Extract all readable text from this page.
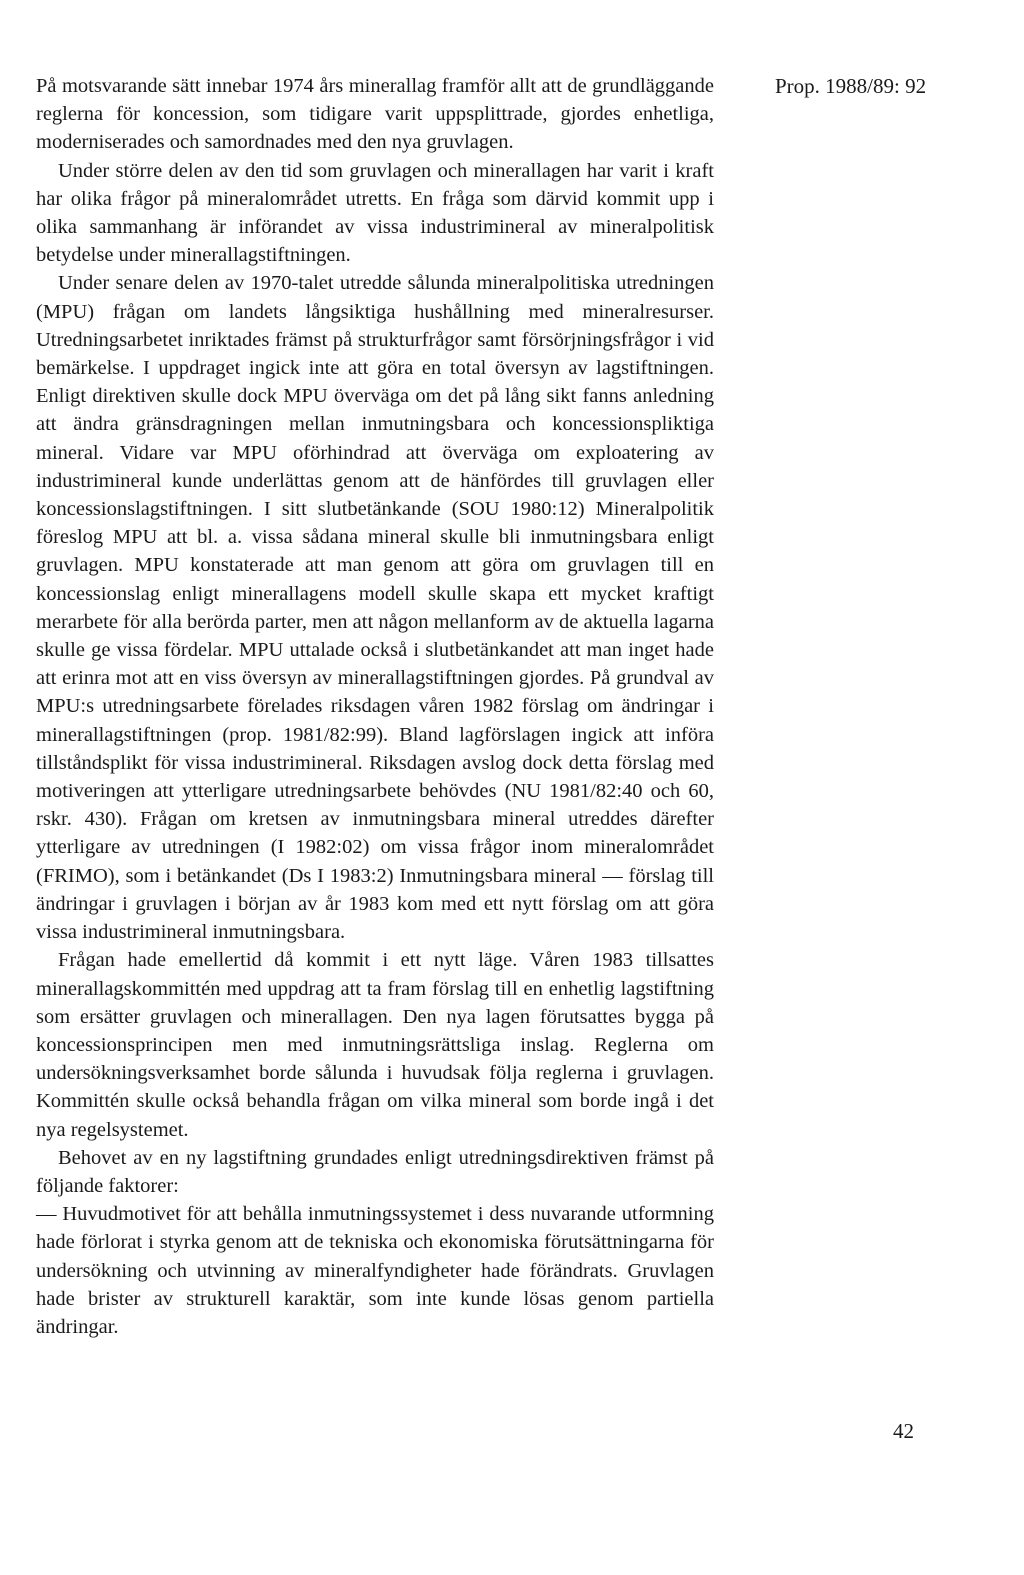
Prop. 1988/89: 92

På motsvarande sätt innebar 1974 års minerallag framför allt att de grundläggande reglerna för koncession, som tidigare varit uppsplittrade, gjordes enhetliga, moderniserades och samordnades med den nya gruvlagen.

Under större delen av den tid som gruvlagen och minerallagen har varit i kraft har olika frågor på mineralområdet utretts. En fråga som därvid kommit upp i olika sammanhang är införandet av vissa industrimineral av mineralpolitisk betydelse under minerallagstiftningen.

Under senare delen av 1970-talet utredde sålunda mineralpolitiska utredningen (MPU) frågan om landets långsiktiga hushållning med mineralresurser. Utredningsarbetet inriktades främst på strukturfrågor samt försörjningsfrågor i vid bemärkelse. I uppdraget ingick inte att göra en total översyn av lagstiftningen. Enligt direktiven skulle dock MPU överväga om det på lång sikt fanns anledning att ändra gränsdragningen mellan inmutningsbara och koncessionspliktiga mineral. Vidare var MPU oförhindrad att överväga om exploatering av industrimineral kunde underlättas genom att de hänfördes till gruvlagen eller koncessionslagstiftningen. I sitt slutbetänkande (SOU 1980:12) Mineralpolitik föreslog MPU att bl. a. vissa sådana mineral skulle bli inmutningsbara enligt gruvlagen. MPU konstaterade att man genom att göra om gruvlagen till en koncessionslag enligt minerallagens modell skulle skapa ett mycket kraftigt merarbete för alla berörda parter, men att någon mellanform av de aktuella lagarna skulle ge vissa fördelar. MPU uttalade också i slutbetänkandet att man inget hade att erinra mot att en viss översyn av minerallagstiftningen gjordes. På grundval av MPU:s utredningsarbete förelades riksdagen våren 1982 förslag om ändringar i minerallagstiftningen (prop. 1981/82:99). Bland lagförslagen ingick att införa tillståndsplikt för vissa industrimineral. Riksdagen avslog dock detta förslag med motiveringen att ytterligare utredningsarbete behövdes (NU 1981/82:40 och 60, rskr. 430). Frågan om kretsen av inmutningsbara mineral utreddes därefter ytterligare av utredningen (I 1982:02) om vissa frågor inom mineralområdet (FRIMO), som i betänkandet (Ds I 1983:2) Inmutningsbara mineral — förslag till ändringar i gruvlagen i början av år 1983 kom med ett nytt förslag om att göra vissa industrimineral inmutningsbara.

Frågan hade emellertid då kommit i ett nytt läge. Våren 1983 tillsattes minerallagskommittén med uppdrag att ta fram förslag till en enhetlig lagstiftning som ersätter gruvlagen och minerallagen. Den nya lagen förutsattes bygga på koncessionsprincipen men med inmutningsrättsliga inslag. Reglerna om undersökningsverksamhet borde sålunda i huvudsak följa reglerna i gruvlagen. Kommittén skulle också behandla frågan om vilka mineral som borde ingå i det nya regelsystemet.

Behovet av en ny lagstiftning grundades enligt utredningsdirektiven främst på följande faktorer:

— Huvudmotivet för att behålla inmutningssystemet i dess nuvarande utformning hade förlorat i styrka genom att de tekniska och ekonomiska förutsättningarna för undersökning och utvinning av mineralfyndigheter hade förändrats. Gruvlagen hade brister av strukturell karaktär, som inte kunde lösas genom partiella ändringar.

42
